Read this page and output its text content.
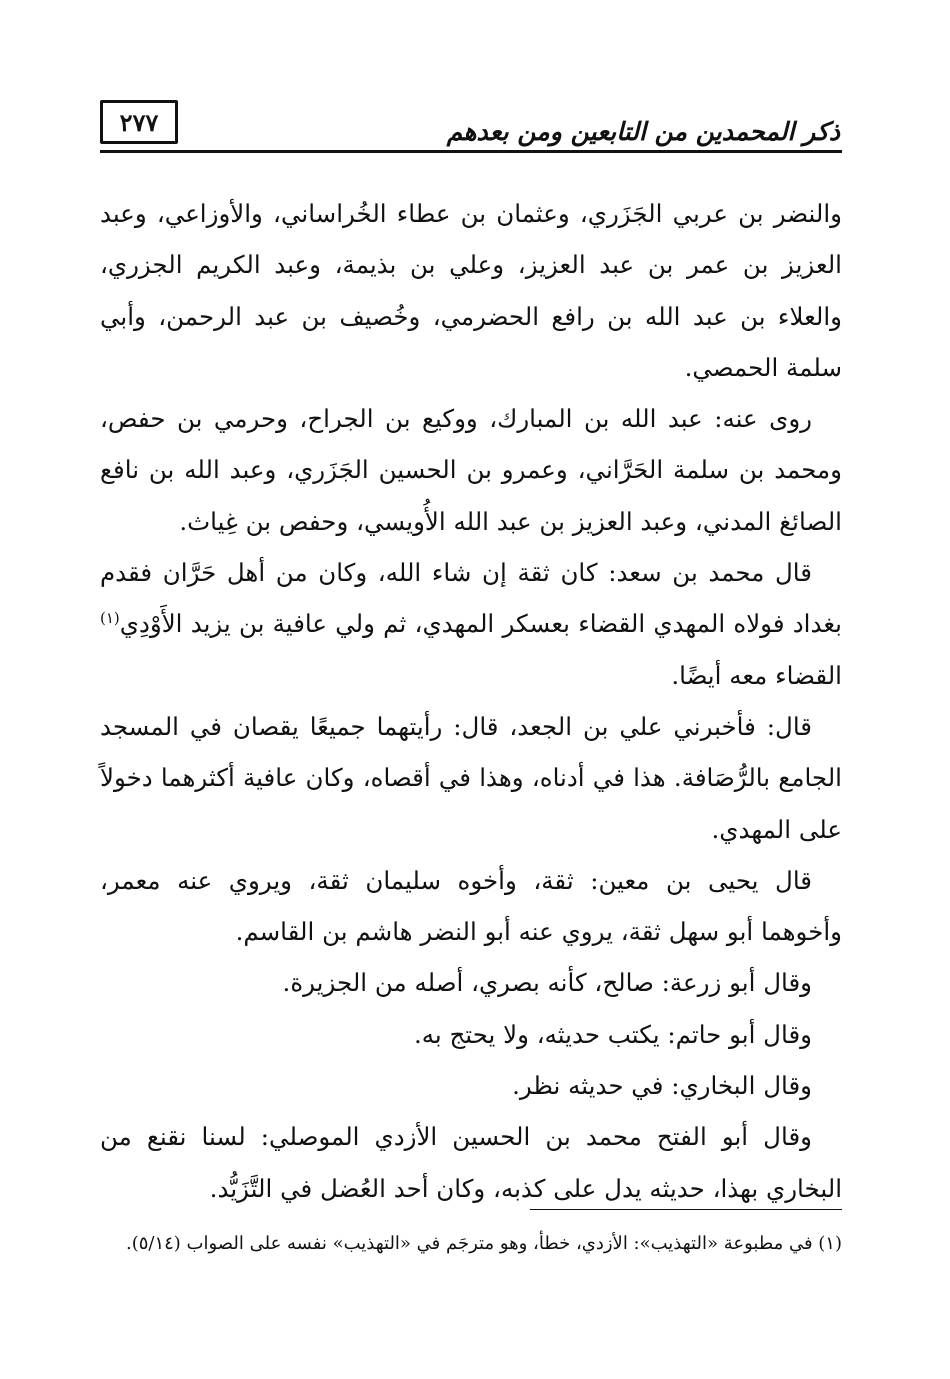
ذكر المحمدين من التابعين ومن بعدهم
٢٧٧

والنضر بن عربي الجَزَري، وعثمان بن عطاء الخُراساني، والأوزاعي، وعبد العزيز بن عمر بن عبد العزيز، وعلي بن بذيمة، وعبد الكريم الجزري، والعلاء بن عبد الله بن رافع الحضرمي، وخُصيف بن عبد الرحمن، وأبي سلمة الحمصي.

روى عنه: عبد الله بن المبارك، ووكيع بن الجراح، وحرمي بن حفص، ومحمد بن سلمة الحَرَّاني، وعمرو بن الحسين الجَزَري، وعبد الله بن نافع الصائغ المدني، وعبد العزيز بن عبد الله الأُويسي، وحفص بن غِياث.

قال محمد بن سعد: كان ثقة إن شاء الله، وكان من أهل حَرَّان فقدم بغداد فولاه المهدي القضاء بعسكر المهدي، ثم ولي عافية بن يزيد الأَوْدِي$^{(١)}$ القضاء معه أيضًا.

قال: فأخبرني علي بن الجعد، قال: رأيتهما جميعًا يقصان في المسجد الجامع بالرُّصَافة. هذا في أدناه، وهذا في أقصاه، وكان عافية أكثرهما دخولاً على المهدي.

قال يحيى بن معين: ثقة، وأخوه سليمان ثقة، ويروي عنه معمر، وأخوهما أبو سهل ثقة، يروي عنه أبو النضر هاشم بن القاسم.

وقال أبو زرعة: صالح، كأنه بصري، أصله من الجزيرة.

وقال أبو حاتم: يكتب حديثه، ولا يحتج به.

وقال البخاري: في حديثه نظر.

وقال أبو الفتح محمد بن الحسين الأزدي الموصلي: لسنا نقنع من البخاري بهذا، حديثه يدل على كذبه، وكان أحد العُضل في التَّزَيُّد.

(١) في مطبوعة «التهذيب»: الأزدي، خطأ، وهو مترجَم في «التهذيب» نفسه على الصواب (٥/١٤).
